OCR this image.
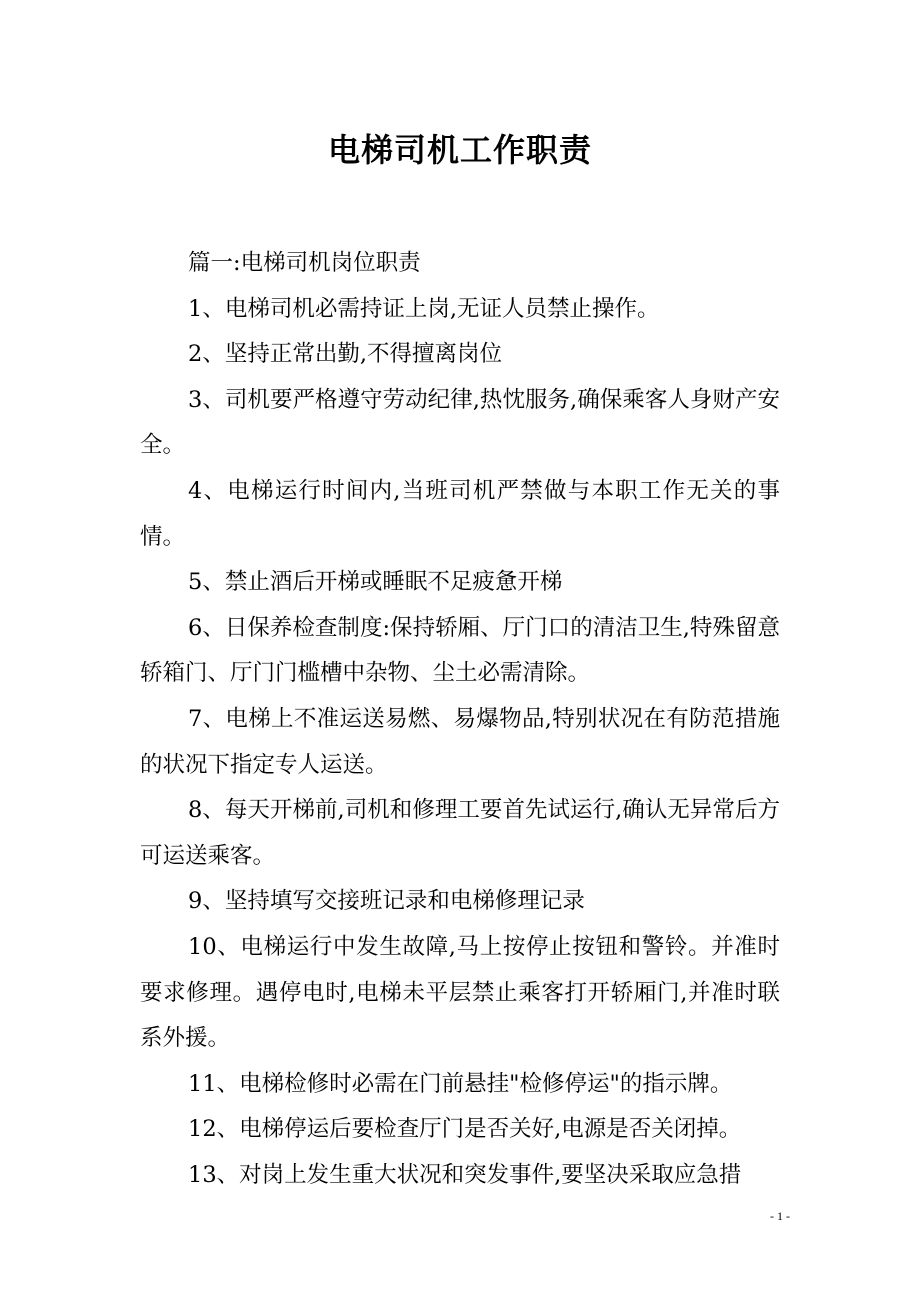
电梯司机工作职责

篇一:电梯司机岗位职责

1、电梯司机必需持证上岗,无证人员禁止操作。

2、坚持正常出勤,不得擅离岗位

3、司机要严格遵守劳动纪律,热忱服务,确保乘客人身财产安全。

4、电梯运行时间内,当班司机严禁做与本职工作无关的事情。

5、禁止酒后开梯或睡眠不足疲惫开梯

6、日保养检查制度:保持轿厢、厅门口的清洁卫生,特殊留意轿箱门、厅门门槛槽中杂物、尘土必需清除。

7、电梯上不准运送易燃、易爆物品,特别状况在有防范措施的状况下指定专人运送。

8、每天开梯前,司机和修理工要首先试运行,确认无异常后方可运送乘客。

9、坚持填写交接班记录和电梯修理记录

10、电梯运行中发生故障,马上按停止按钮和警铃。并准时要求修理。遇停电时,电梯未平层禁止乘客打开轿厢门,并准时联系外援。

11、电梯检修时必需在门前悬挂"检修停运"的指示牌。

12、电梯停运后要检查厅门是否关好,电源是否关闭掉。

13、对岗上发生重大状况和突发事件,要坚决采取应急措

- 1 -
